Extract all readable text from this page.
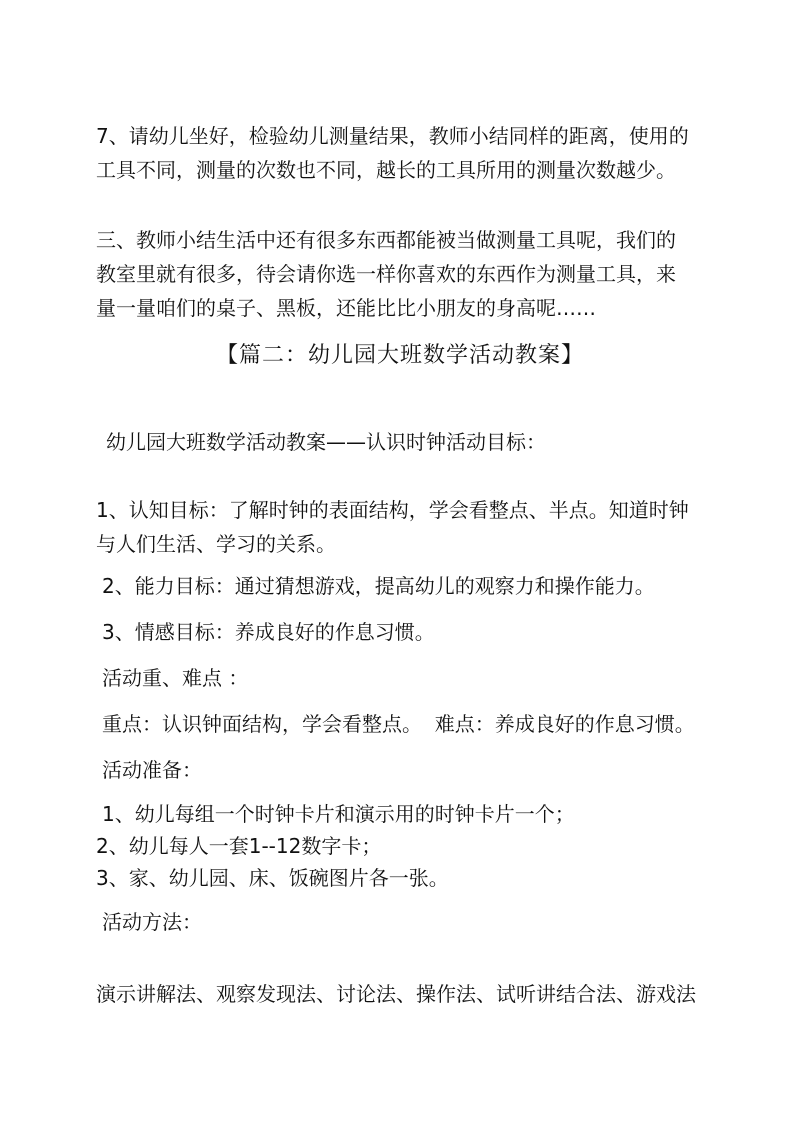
7、请幼儿坐好，检验幼儿测量结果，教师小结同样的距离，使用的

工具不同，测量的次数也不同，越长的工具所用的测量次数越少。

三、教师小结生活中还有很多东西都能被当做测量工具呢，我们的

教室里就有很多，待会请你选一样你喜欢的东西作为测量工具，来

量一量咱们的桌子、黑板，还能比比小朋友的身高呢……

【篇二：幼儿园大班数学活动教案】

幼儿园大班数学活动教案——认识时钟活动目标：

1、认知目标：了解时钟的表面结构，学会看整点、半点。知道时钟

与人们生活、学习的关系。

2、能力目标：通过猜想游戏，提高幼儿的观察力和操作能力。

3、情感目标：养成良好的作息习惯。

活动重、难点 ：

重点：认识钟面结构，学会看整点。  难点：养成良好的作息习惯。

活动准备：

1、幼儿每组一个时钟卡片和演示用的时钟卡片一个；

2、幼儿每人一套1--12数字卡；

3、家、幼儿园、床、饭碗图片各一张。

活动方法：

演示讲解法、观察发现法、讨论法、操作法、试听讲结合法、游戏法
